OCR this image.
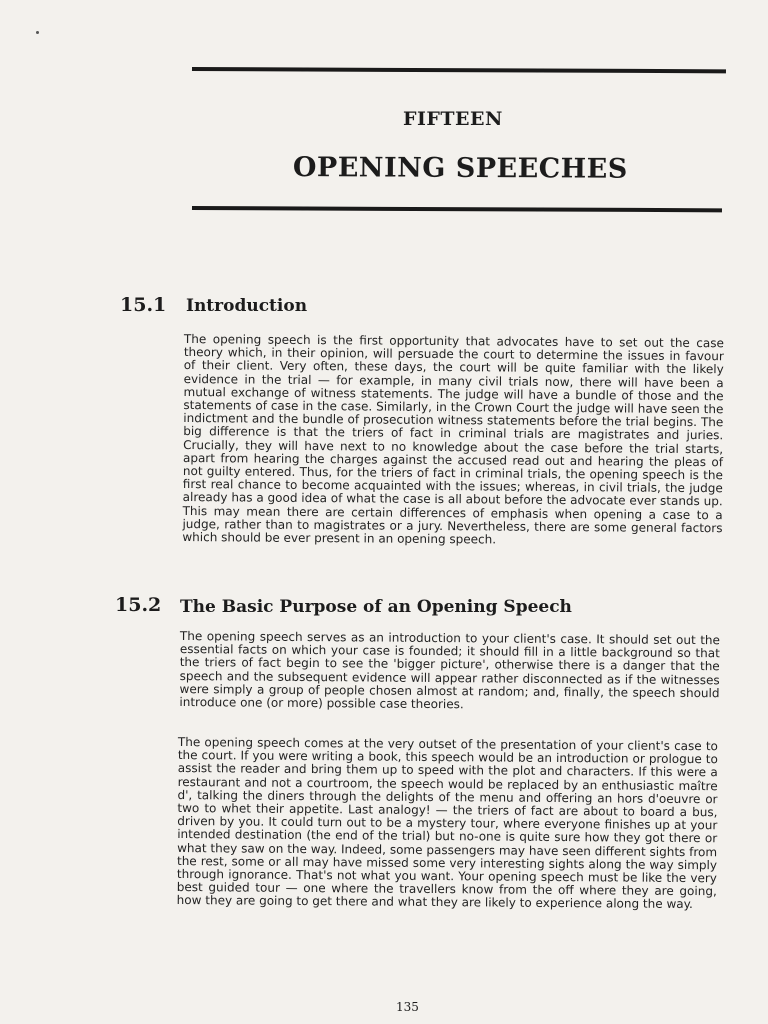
FIFTEEN
OPENING SPEECHES
15.1 Introduction
The opening speech is the first opportunity that advocates have to set out the case theory which, in their opinion, will persuade the court to determine the issues in favour of their client. Very often, these days, the court will be quite familiar with the likely evidence in the trial — for example, in many civil trials now, there will have been a mutual exchange of witness statements. The judge will have a bundle of those and the statements of case in the case. Similarly, in the Crown Court the judge will have seen the indictment and the bundle of prosecution witness statements before the trial begins. The big difference is that the triers of fact in criminal trials are magistrates and juries. Crucially, they will have next to no knowledge about the case before the trial starts, apart from hearing the charges against the accused read out and hearing the pleas of not guilty entered. Thus, for the triers of fact in criminal trials, the opening speech is the first real chance to become acquainted with the issues; whereas, in civil trials, the judge already has a good idea of what the case is all about before the advocate ever stands up. This may mean there are certain differences of emphasis when opening a case to a judge, rather than to magistrates or a jury. Nevertheless, there are some general factors which should be ever present in an opening speech.
15.2 The Basic Purpose of an Opening Speech
The opening speech serves as an introduction to your client's case. It should set out the essential facts on which your case is founded; it should fill in a little background so that the triers of fact begin to see the 'bigger picture', otherwise there is a danger that the speech and the subsequent evidence will appear rather disconnected as if the witnesses were simply a group of people chosen almost at random; and, finally, the speech should introduce one (or more) possible case theories.
The opening speech comes at the very outset of the presentation of your client's case to the court. If you were writing a book, this speech would be an introduction or prologue to assist the reader and bring them up to speed with the plot and characters. If this were a restaurant and not a courtroom, the speech would be replaced by an enthusiastic maître d', talking the diners through the delights of the menu and offering an hors d'oeuvre or two to whet their appetite. Last analogy! — the triers of fact are about to board a bus, driven by you. It could turn out to be a mystery tour, where everyone finishes up at your intended destination (the end of the trial) but no-one is quite sure how they got there or what they saw on the way. Indeed, some passengers may have seen different sights from the rest, some or all may have missed some very interesting sights along the way simply through ignorance. That's not what you want. Your opening speech must be like the very best guided tour — one where the travellers know from the off where they are going, how they are going to get there and what they are likely to experience along the way.
135
